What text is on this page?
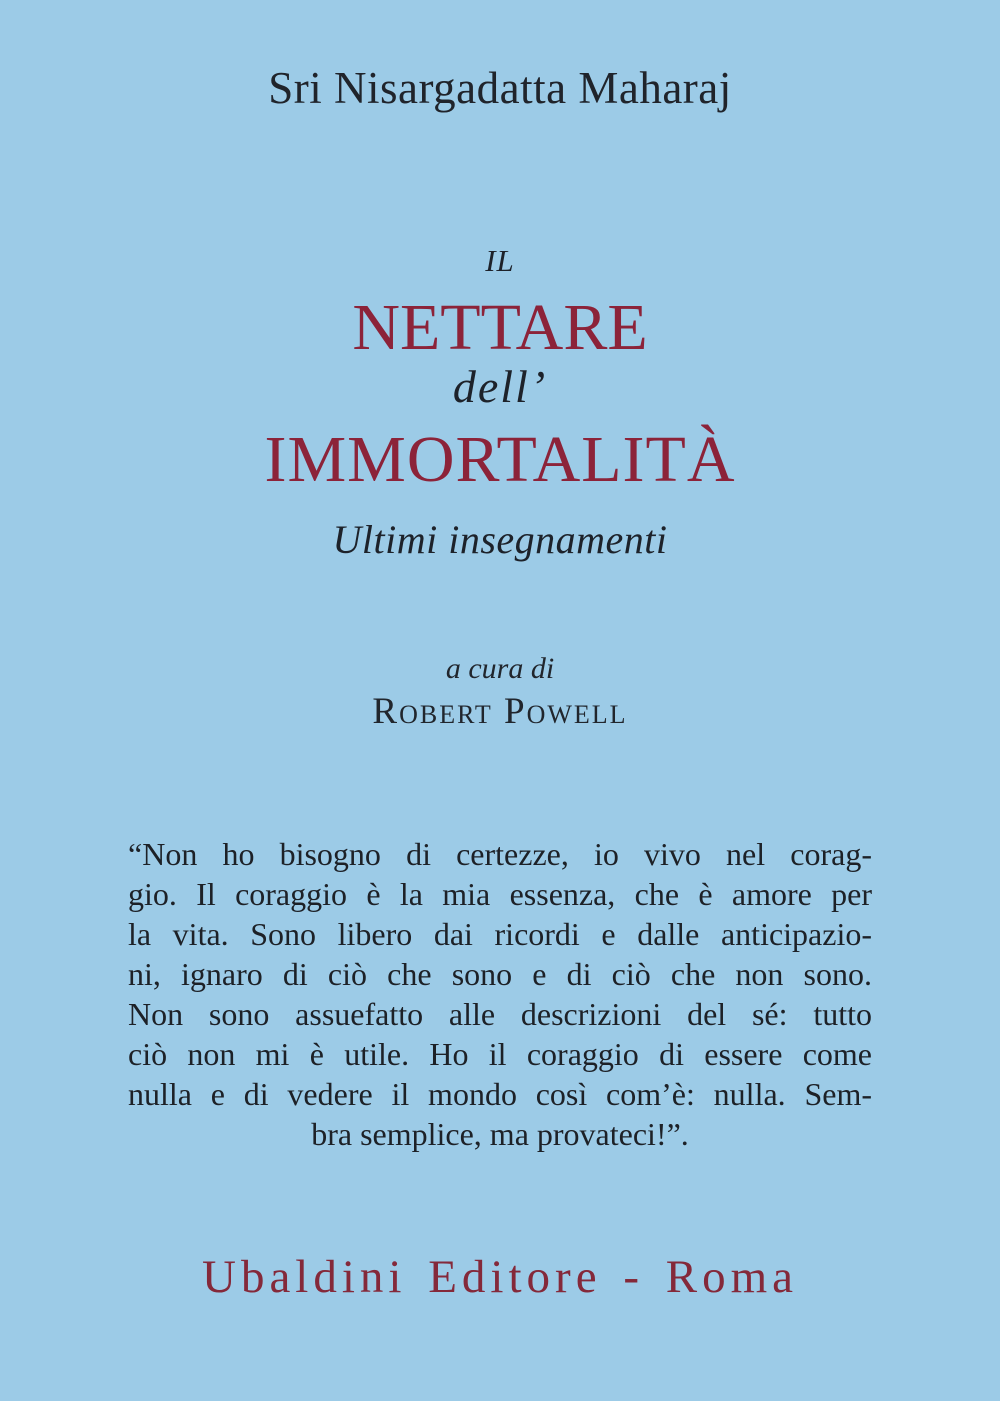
Sri Nisargadatta Maharaj
IL
NETTARE
dell’
IMMORTALITÀ
Ultimi insegnamenti
a cura di
Robert Powell
“Non ho bisogno di certezze, io vivo nel corag-
gio. Il coraggio è la mia essenza, che è amore per
la vita. Sono libero dai ricordi e dalle anticipazio-
ni, ignaro di ciò che sono e di ciò che non sono.
Non sono assuefatto alle descrizioni del sé: tutto
ciò non mi è utile. Ho il coraggio di essere come
nulla e di vedere il mondo così com’è: nulla. Sem-
bra semplice, ma provateci!”.
Ubaldini Editore - Roma
